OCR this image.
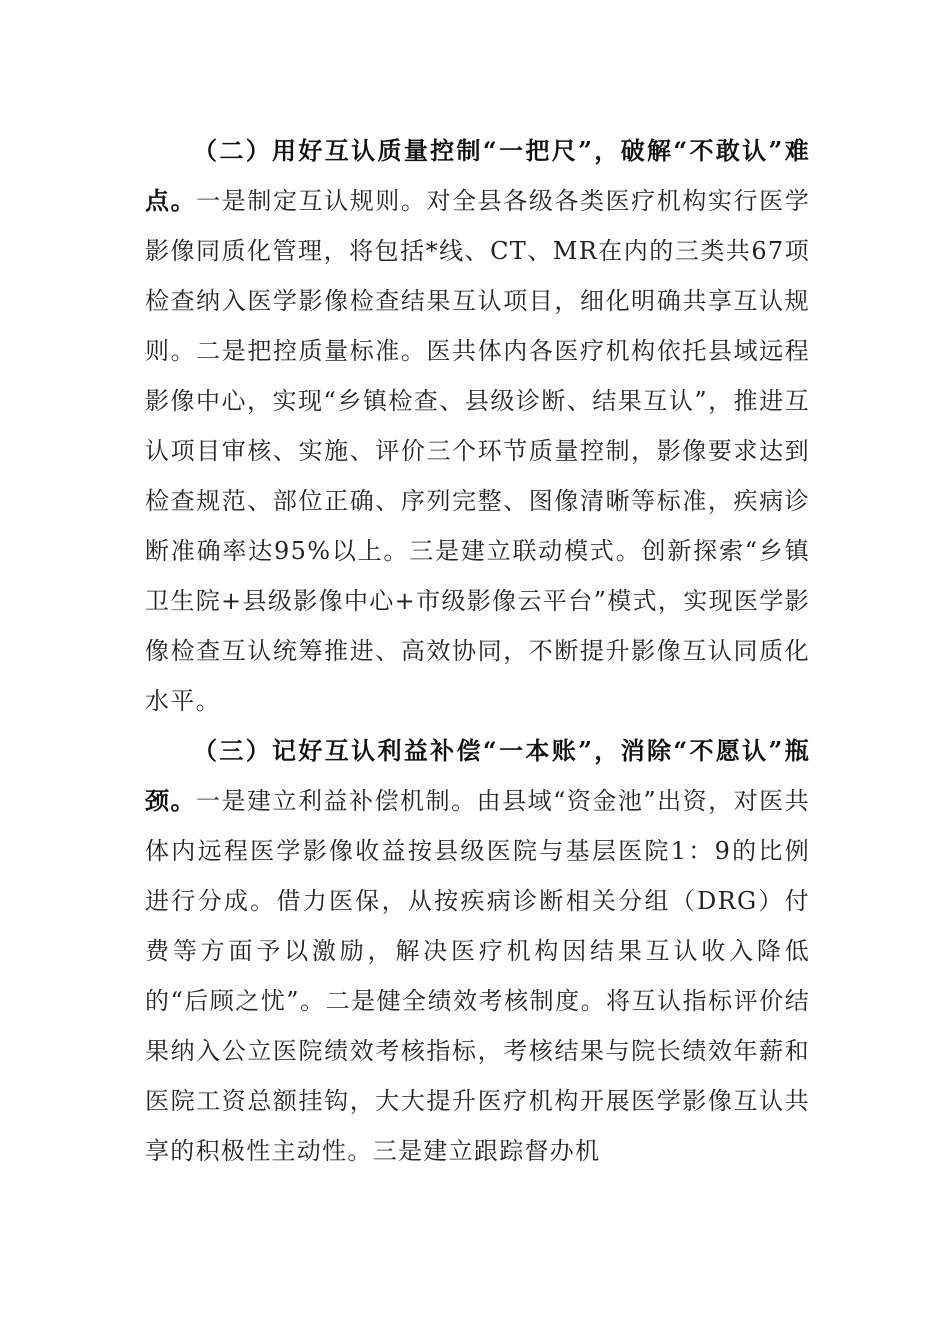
（二）用好互认质量控制“一把尺”，破解“不敢认”难点。一是制定互认规则。对全县各级各类医疗机构实行医学影像同质化管理，将包括*线、CT、MR在内的三类共67项检查纳入医学影像检查结果互认项目，细化明确共享互认规则。二是把控质量标准。医共体内各医疗机构依托县域远程影像中心，实现“乡镇检查、县级诊断、结果互认”，推进互认项目审核、实施、评价三个环节质量控制，影像要求达到检查规范、部位正确、序列完整、图像清晰等标准，疾病诊断准确率达95%以上。三是建立联动模式。创新探索“乡镇卫生院+县级影像中心+市级影像云平台”模式，实现医学影像检查互认统筹推进、高效协同，不断提升影像互认同质化水平。

（三）记好互认利益补偿“一本账”，消除“不愿认”瓶颈。一是建立利益补偿机制。由县域“资金池”出资，对医共体内远程医学影像收益按县级医院与基层医院1：9的比例进行分成。借力医保，从按疾病诊断相关分组（DRG）付费等方面予以激励，解决医疗机构因结果互认收入降低的“后顾之忧”。二是健全绩效考核制度。将互认指标评价结果纳入公立医院绩效考核指标，考核结果与院长绩效年薪和医院工资总额挂钩，大大提升医疗机构开展医学影像互认共享的积极性主动性。三是建立跟踪督办机
